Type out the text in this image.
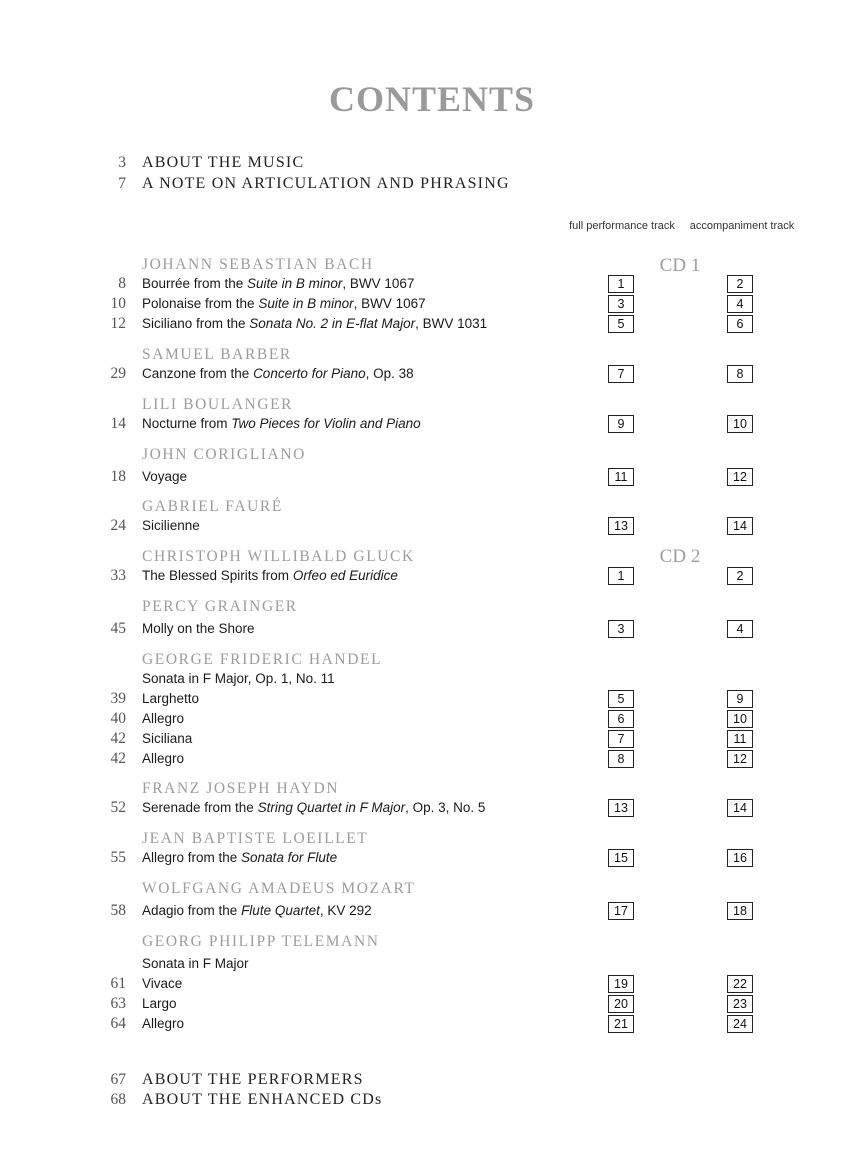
CONTENTS
3 ABOUT THE MUSIC
7 A NOTE ON ARTICULATION AND PHRASING
full performance track	accompaniment track
CD 1
CD 2
JOHANN SEBASTIAN BACH
SAMUEL BARBER
LILI BOULANGER
JOHN CORIGLIANO
GABRIEL FAURÉ
CHRISTOPH WILLIBALD GLUCK
PERCY GRAINGER
GEORGE FRIDERIC HANDEL
FRANZ JOSEPH HAYDN
JEAN BAPTISTE LOEILLET
WOLFGANG AMADEUS MOZART
GEORG PHILIPP TELEMANN
8 Bourrée from the Suite in B minor, BWV 1067	1	2
10 Polonaise from the Suite in B minor, BWV 1067	3	4
12 Siciliano from the Sonata No. 2 in E-flat Major, BWV 1031	5	6
29 Canzone from the Concerto for Piano, Op. 38	7	8
14 Nocturne from Two Pieces for Violin and Piano	9	10
18 Voyage	11	12
24 Sicilienne	13	14
33 The Blessed Spirits from Orfeo ed Euridice	1	2
45 Molly on the Shore	3	4
Sonata in F Major, Op. 1, No. 11
39 Larghetto	5	9
40 Allegro	6	10
42 Siciliana	7	11
42 Allegro	8	12
52 Serenade from the String Quartet in F Major, Op. 3, No. 5	13	14
55 Allegro from the Sonata for Flute	15	16
58 Adagio from the Flute Quartet, KV 292	17	18
Sonata in F Major
61 Vivace	19	22
63 Largo	20	23
64 Allegro	21	24
67 ABOUT THE PERFORMERS
68 ABOUT THE ENHANCED CDs
